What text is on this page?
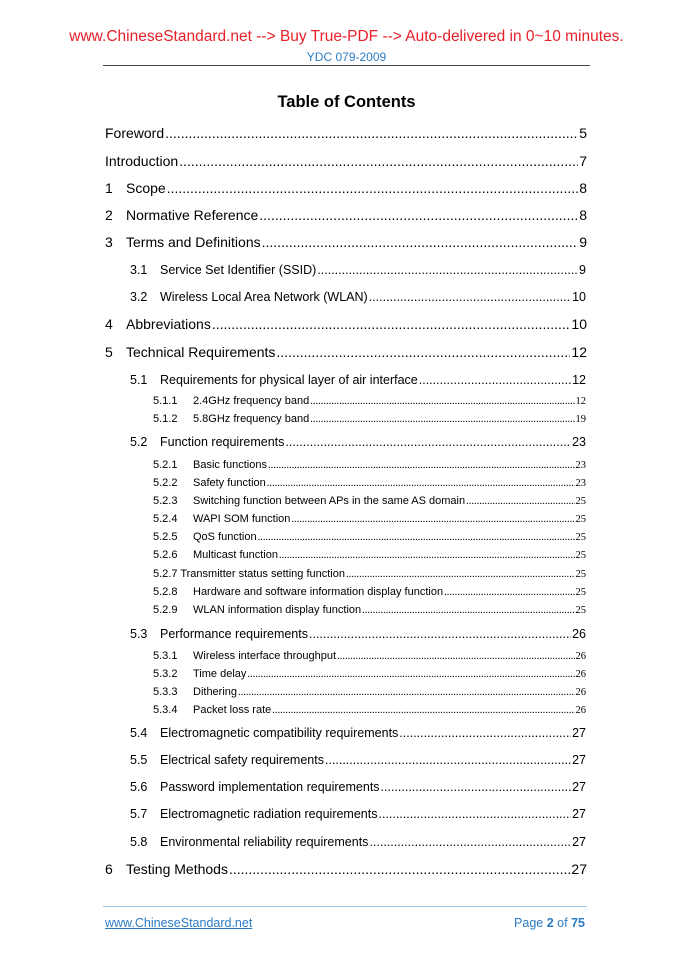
www.ChineseStandard.net --> Buy True-PDF --> Auto-delivered in 0~10 minutes.
YDC 079-2009
Table of Contents
Foreword .....	5
Introduction .....	7
1 Scope .....	8
2 Normative Reference .....	8
3 Terms and Definitions .....	9
3.1	Service Set Identifier (SSID) .....	9
3.2	Wireless Local Area Network (WLAN) .....	10
4 Abbreviations .....	10
5 Technical Requirements .....	12
5.1	Requirements for physical layer of air interface .....	12
5.1.1	2.4GHz frequency band .....	12
5.1.2	5.8GHz frequency band .....	19
5.2	Function requirements .....	23
5.2.1	Basic functions .....	23
5.2.2	Safety function .....	23
5.2.3	Switching function between APs in the same AS domain .....	25
5.2.4	WAPI SOM function .....	25
5.2.5	QoS function .....	25
5.2.6	Multicast function .....	25
5.2.7 Transmitter status setting function .....	25
5.2.8	Hardware and software information display function .....	25
5.2.9	WLAN information display function .....	25
5.3	Performance requirements .....	26
5.3.1	Wireless interface throughput .....	26
5.3.2	Time delay .....	26
5.3.3	Dithering .....	26
5.3.4	Packet loss rate .....	26
5.4	Electromagnetic compatibility requirements .....	27
5.5	Electrical safety requirements .....	27
5.6	Password implementation requirements .....	27
5.7	Electromagnetic radiation requirements .....	27
5.8	Environmental reliability requirements .....	27
6 Testing Methods .....	27
www.ChineseStandard.net	Page 2 of 75
